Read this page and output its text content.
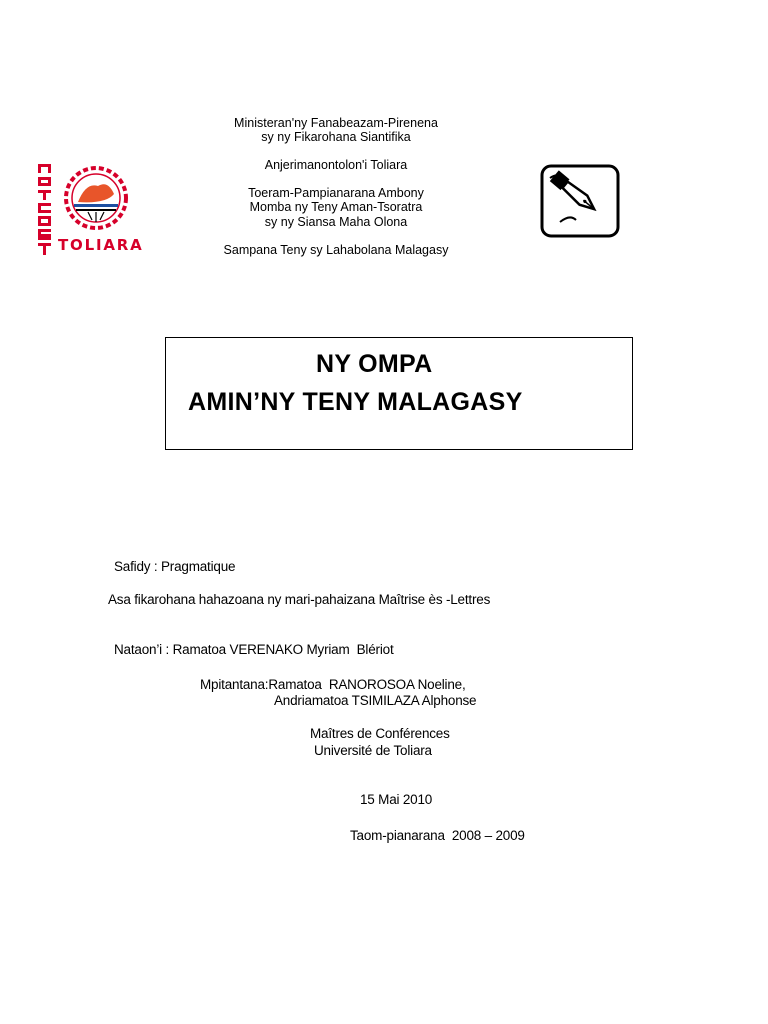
TOLIARA
Ministeran'ny Fanabeazam-Pirenena
sy ny Fikarohana Siantifika
Anjerimanontolon'i Toliara
Toeram-Pampianarana Ambony
Momba ny Teny Aman-Tsoratra
sy ny Siansa Maha Olona
Sampana Teny sy Lahabolana Malagasy
NY OMPA
AMIN’NY TENY MALAGASY
Safidy : Pragmatique
Asa fikarohana hahazoana ny mari-pahaizana Maîtrise ès -Lettres
Nataon’i : Ramatoa VERENAKO Myriam  Blériot
Mpitantana:Ramatoa  RANOROSOA Noeline,
Andriamatoa TSIMILAZA Alphonse
Maîtres de Conférences
Université de Toliara
15 Mai 2010
Taom-pianarana  2008 – 2009
